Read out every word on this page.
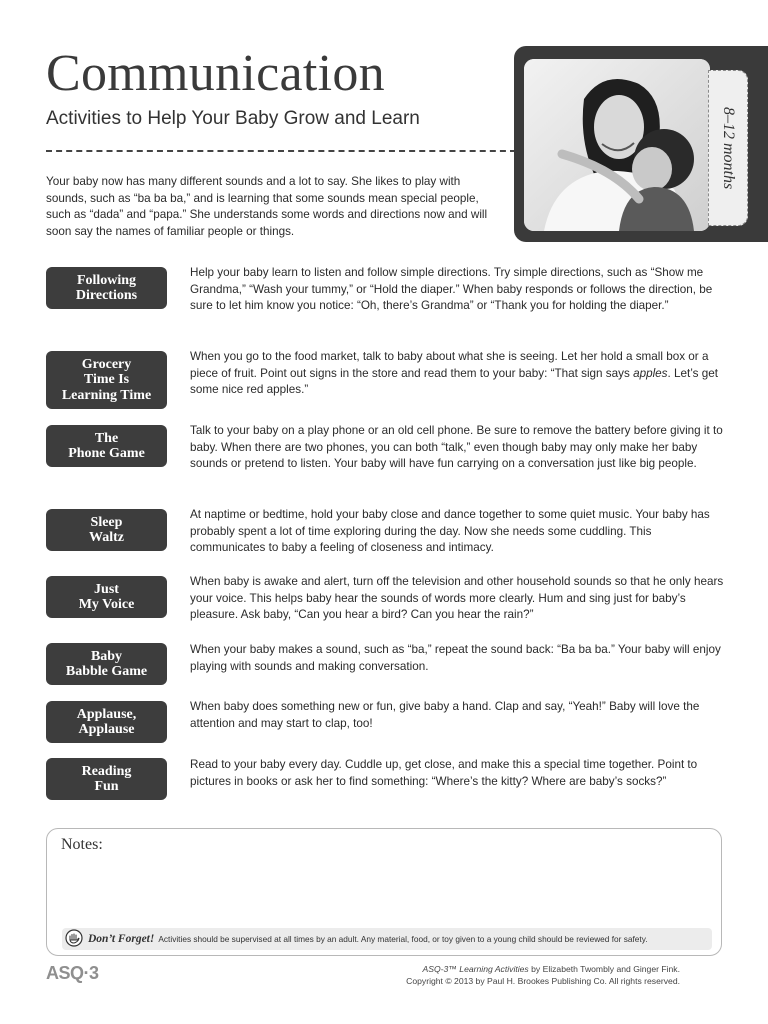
Communication
Activities to Help Your Baby Grow and Learn

Your baby now has many different sounds and a lot to say. She likes to play with sounds, such as “ba ba ba,” and is learning that some sounds mean special people, such as “dada” and “papa.” She understands some words and directions now and will soon say the names of familiar people or things.

8–12 months
Following
Directions

Help your baby learn to listen and follow simple directions. Try simple directions, such as “Show me Grandma,” “Wash your tummy,” or “Hold the diaper.” When baby responds or follows the direction, be sure to let him know you notice: “Oh, there’s Grandma” or “Thank you for holding the diaper.”

Grocery
Time Is
Learning Time

When you go to the food market, talk to baby about what she is seeing. Let her hold a small box or a piece of fruit. Point out signs in the store and read them to your baby: “That sign says apples. Let’s get some nice red apples.”

The
Phone Game

Talk to your baby on a play phone or an old cell phone. Be sure to remove the battery before giving it to baby. When there are two phones, you can both “talk,” even though baby may only make her baby sounds or pretend to listen. Your baby will have fun carrying on a conversation just like big people.

Sleep
Waltz

At naptime or bedtime, hold your baby close and dance together to some quiet music. Your baby has probably spent a lot of time exploring during the day. Now she needs some cuddling. This communicates to baby a feeling of closeness and intimacy.

Just
My Voice

When baby is awake and alert, turn off the television and other household sounds so that he only hears your voice. This helps baby hear the sounds of words more clearly. Hum and sing just for baby’s pleasure. Ask baby, “Can you hear a bird? Can you hear the rain?”

Baby
Babble Game

When your baby makes a sound, such as “ba,” repeat the sound back: “Ba ba ba.” Your baby will enjoy playing with sounds and making conversation.

Applause,
Applause

When baby does something new or fun, give baby a hand. Clap and say, “Yeah!” Baby will love the attention and may start to clap, too!

Reading
Fun

Read to your baby every day. Cuddle up, get close, and make this a special time together. Point to pictures in books or ask her to find something: “Where’s the kitty? Where are baby’s socks?”

Notes:
Don’t Forget! Activities should be supervised at all times by an adult. Any material, food, or toy given to a young child should be reviewed for safety.
ASQ·3	ASQ-3™ Learning Activities by Elizabeth Twombly and Ginger Fink.
Copyright © 2013 by Paul H. Brookes Publishing Co. All rights reserved.
